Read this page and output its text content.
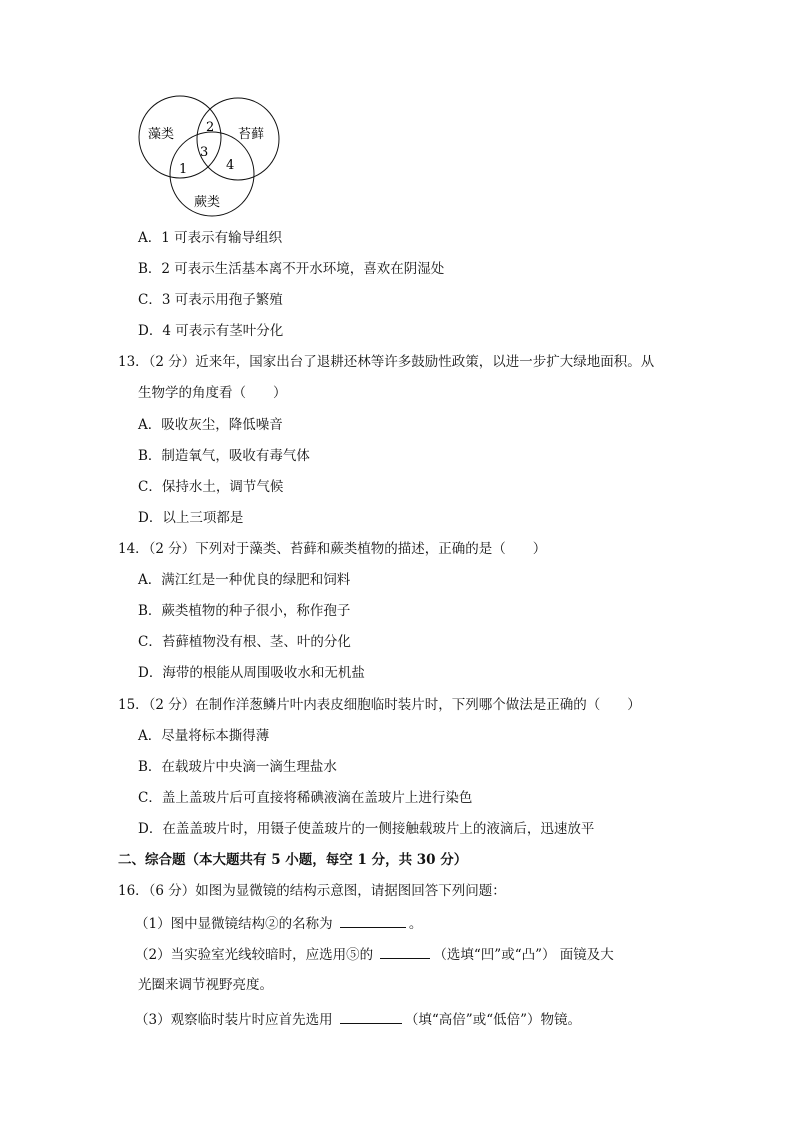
藻类	苔藓
蕨类
1
2
3
4
A．1 可表示有输导组织
B．2 可表示生活基本离不开水环境，喜欢在阴湿处
C．3 可表示用孢子繁殖
D．4 可表示有茎叶分化
13．（2 分）近来年，国家出台了退耕还林等许多鼓励性政策，以进一步扩大绿地面积。从
生物学的角度看（　　）
A．吸收灰尘，降低噪音
B．制造氧气，吸收有毒气体
C．保持水土，调节气候
D．以上三项都是
14．（2 分）下列对于藻类、苔藓和蕨类植物的描述，正确的是（　　）
A．满江红是一种优良的绿肥和饲料
B．蕨类植物的种子很小，称作孢子
C．苔藓植物没有根、茎、叶的分化
D．海带的根能从周围吸收水和无机盐
15．（2 分）在制作洋葱鳞片叶内表皮细胞临时装片时，下列哪个做法是正确的（　　）
A．尽量将标本撕得薄
B．在载玻片中央滴一滴生理盐水
C．盖上盖玻片后可直接将稀碘液滴在盖玻片上进行染色
D．在盖盖玻片时，用镊子使盖玻片的一侧接触载玻片上的液滴后，迅速放平
二、综合题（本大题共有 5 小题，每空 1 分，共 30 分）
16．（6 分）如图为显微镜的结构示意图，请据图回答下列问题：
（1）图中显微镜结构②的名称为	。
（2）当实验室光线较暗时，应选用⑤的	（选填“凹”或“凸”） 面镜及大
光圈来调节视野亮度。
（3）观察临时装片时应首先选用	（填“高倍”或“低倍”）物镜。
